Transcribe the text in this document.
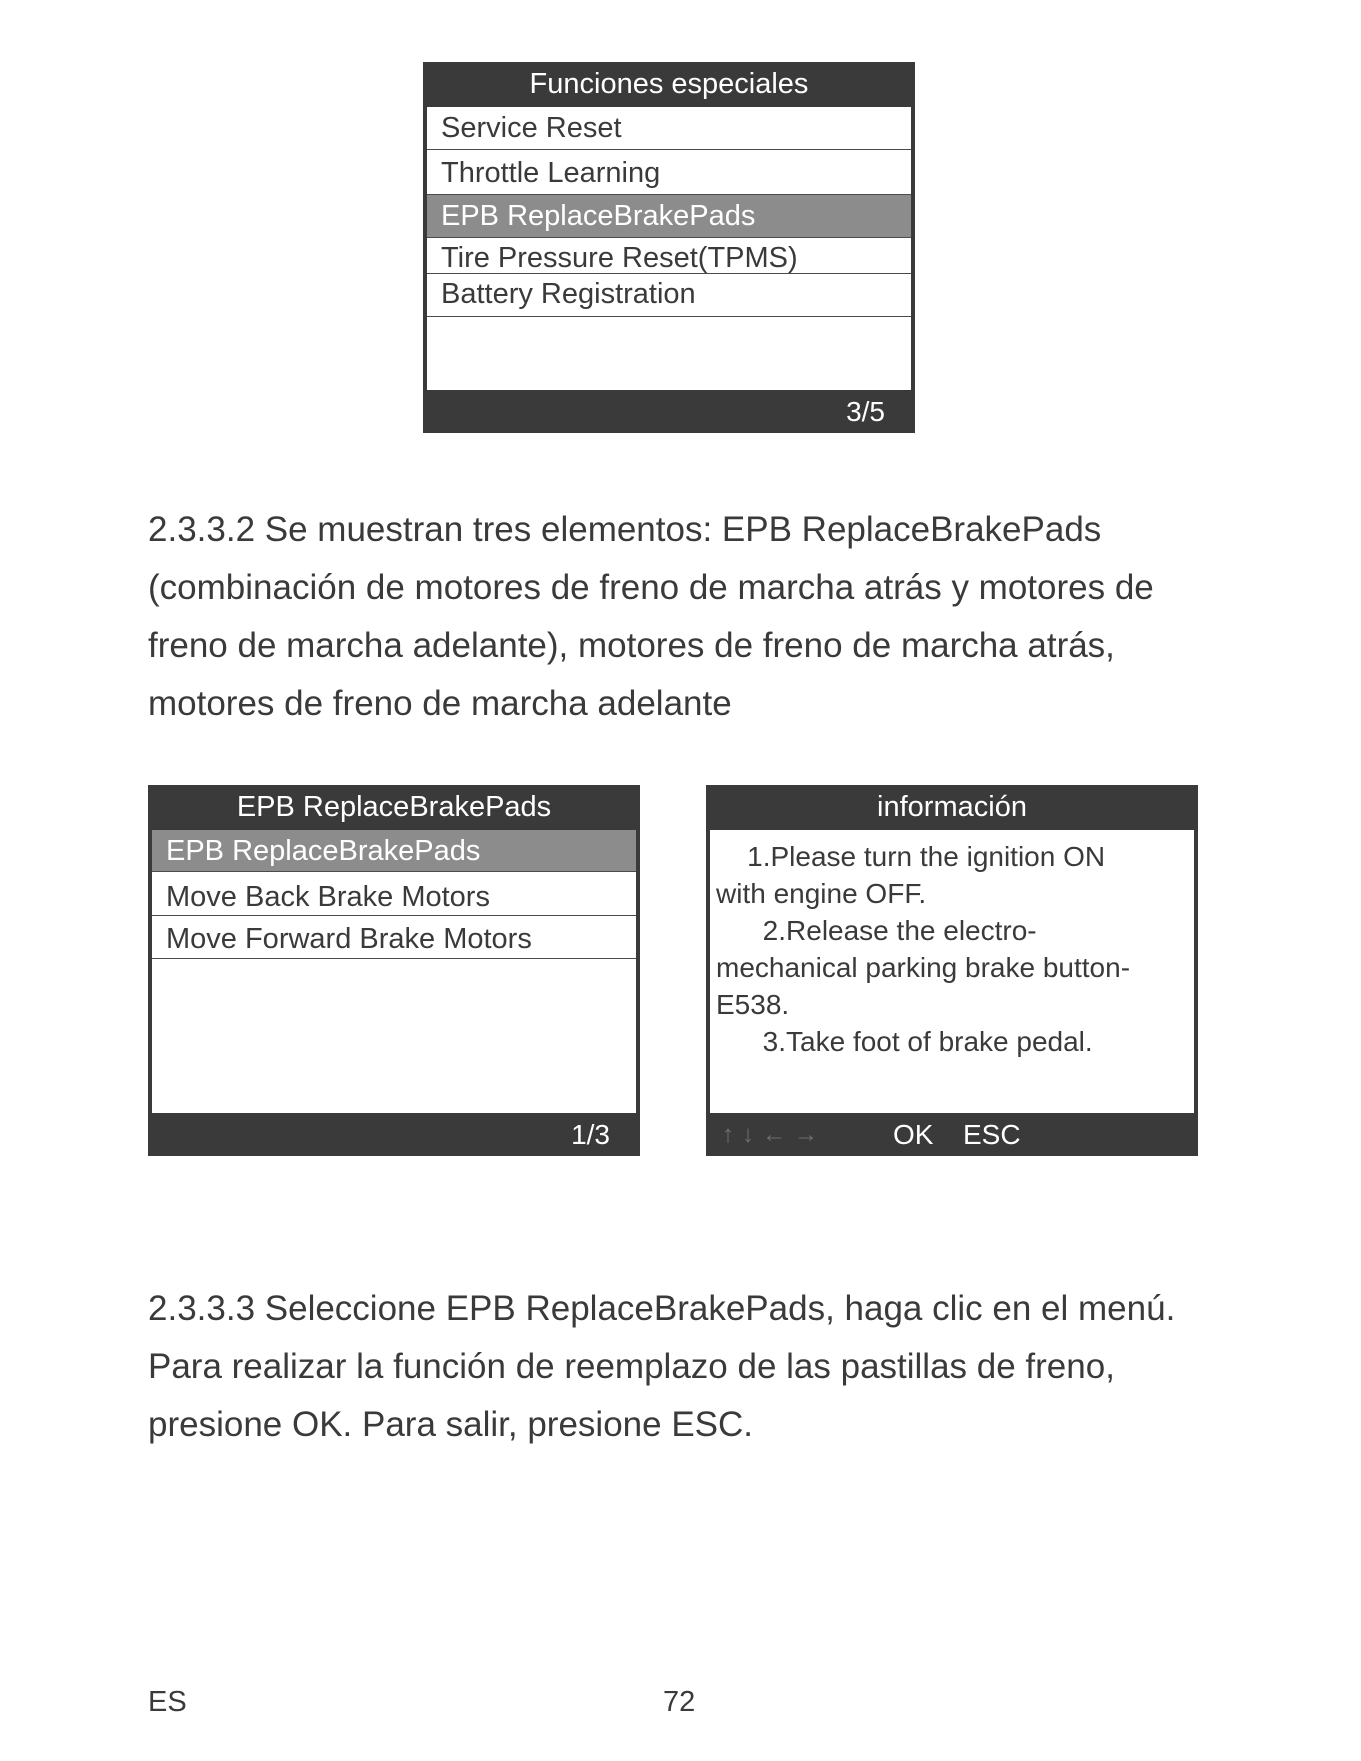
Funciones especiales
Service Reset
Throttle Learning
EPB ReplaceBrakePads
Tire Pressure Reset(TPMS)
Battery Registration
3/5

2.3.3.2 Se muestran tres elementos: EPB ReplaceBrakePads (combinación de motores de freno de marcha atrás y motores de freno de marcha adelante), motores de freno de marcha atrás, motores de freno de marcha adelante

EPB ReplaceBrakePads
EPB ReplaceBrakePads
Move Back Brake Motors
Move Forward Brake Motors
1/3
información
1.Please turn the ignition ON
with engine OFF.
2.Release the electro-
mechanical parking brake button-
E538.
3.Take foot of brake pedal.
↑↓←→ OK ESC

2.3.3.3 Seleccione EPB ReplaceBrakePads, haga clic en el menú. Para realizar la función de reemplazo de las pastillas de freno, presione OK. Para salir, presione ESC.

ES	72
